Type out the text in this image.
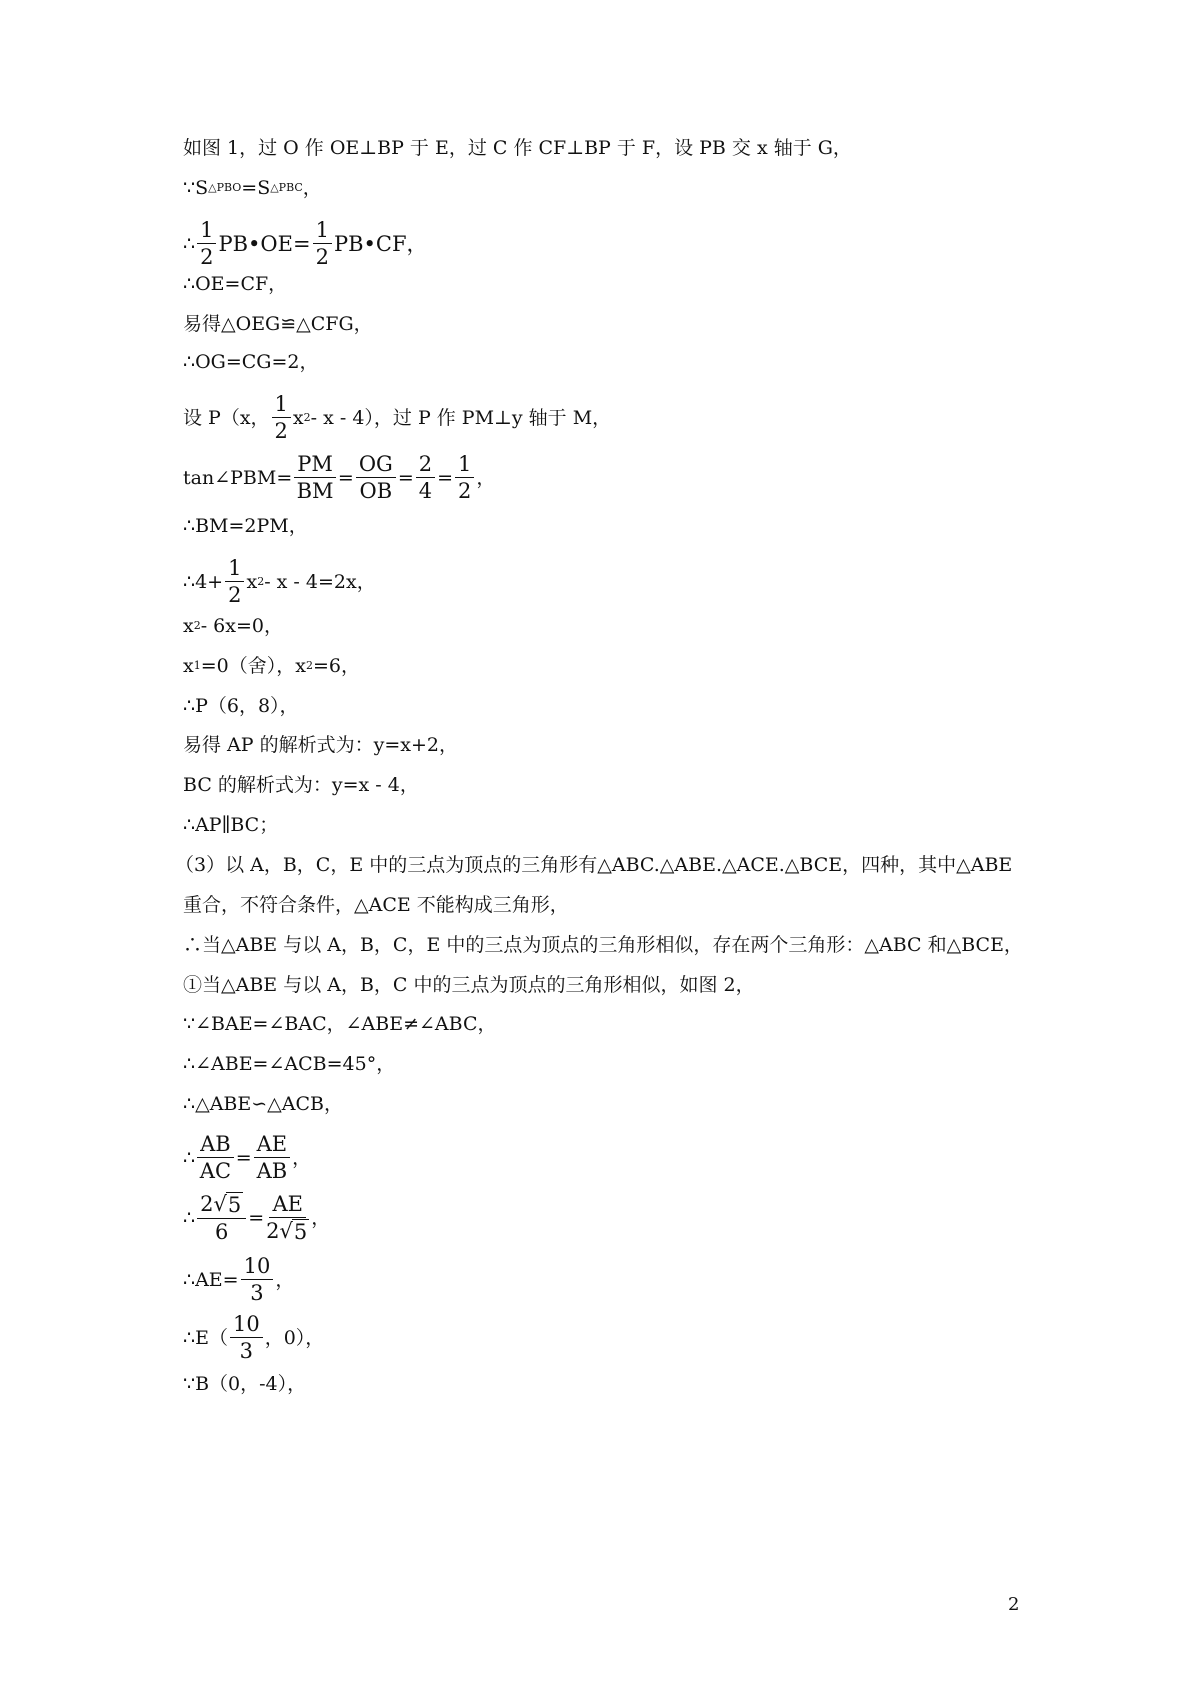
如图 1，过 O 作 OE⊥BP 于 E，过 C 作 CF⊥BP 于 F，设 PB 交 x 轴于 G，
∵S △PBO =S △PBC ，
∴ $\frac{1}{2}$ PB•OE= $\frac{1}{2}$ PB•CF，
∴OE=CF，
易得△OEG≌△CFG，
∴OG=CG=2，
设 P（x， $\frac{1}{2}$ x 2 - x - 4），过 P 作 PM⊥y 轴于 M，
tan∠PBM= $\frac{PM}{BM} = \frac{OG}{OB} = \frac{2}{4} = \frac{1}{2}$ ，
∴BM=2PM，
∴4+ $\frac{1}{2}$ x 2 - x - 4=2x，
x 2 - 6x=0，
x 1 =0（舍），x 2 =6，
∴P（6，8），
易得 AP 的解析式为：y=x+2，
BC 的解析式为：y=x - 4，
∴AP∥BC；
（3）以 A，B，C，E 中的三点为顶点的三角形有△ABC.△ABE.△ACE.△BCE，四种，其中△ABE
重合，不符合条件，△ACE 不能构成三角形，
∴当△ABE 与以 A，B，C，E 中的三点为顶点的三角形相似，存在两个三角形：△ABC 和△BCE，
①当△ABE 与以 A，B，C 中的三点为顶点的三角形相似，如图 2，
∵∠BAE=∠BAC，∠ABE≠∠ABC，
∴∠ABE=∠ACB=45°，
∴△ABE∽△ACB，
∴ $\frac{AB}{AC} = \frac{AE}{AB}$ ，
∴ $\frac{2 √ 5}{6} = \frac{AE}{2 √ 5}$ ，
∴AE= $\frac{10}{3}$ ，
∴E（ $\frac{10}{3}$ ，0），
∵B（0，-4），
2
